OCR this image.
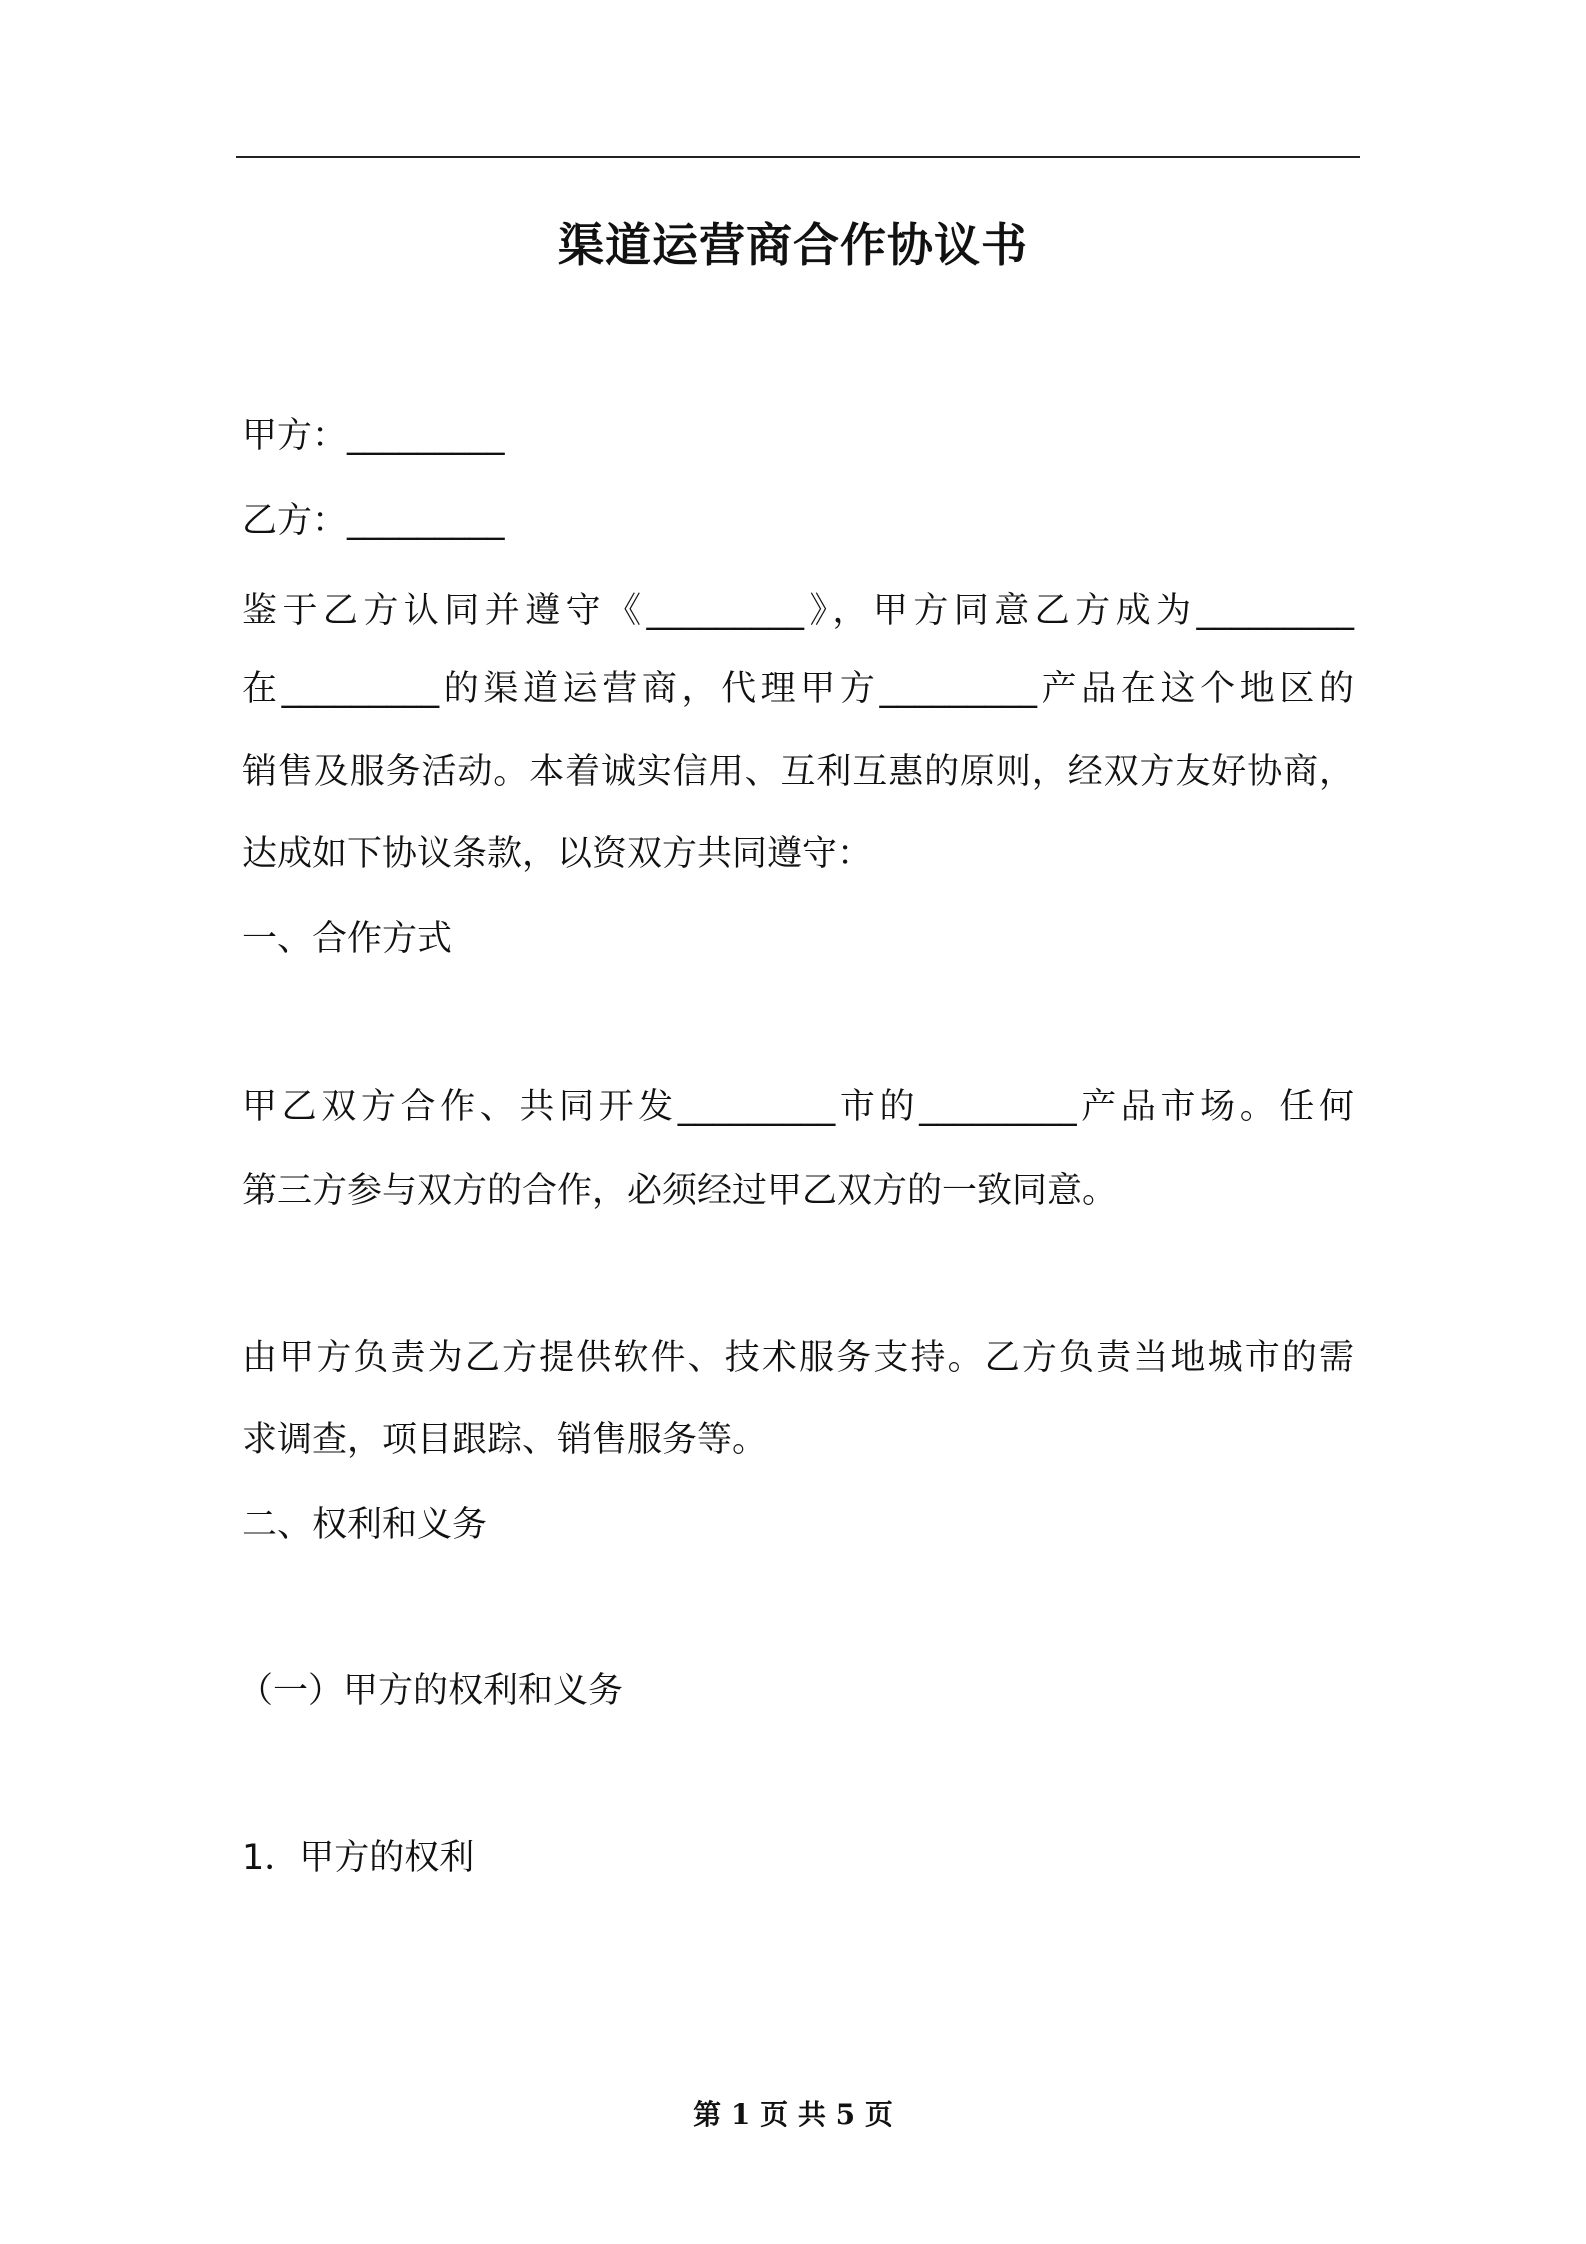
渠道运营商合作协议书
甲方：_________
乙方：_________
鉴于乙方认同并遵守《_________》，甲方同意乙方成为_________
在_________的渠道运营商，代理甲方_________产品在这个地区的
销售及服务活动。本着诚实信用、互利互惠的原则，经双方友好协商，
达成如下协议条款，以资双方共同遵守：
一、合作方式
甲乙双方合作、共同开发_________市的_________产品市场。任何
第三方参与双方的合作，必须经过甲乙双方的一致同意。
由甲方负责为乙方提供软件、技术服务支持。乙方负责当地城市的需
求调查，项目跟踪、销售服务等。
二、权利和义务
（一）甲方的权利和义务
1．甲方的权利
第 1 页 共 5 页
